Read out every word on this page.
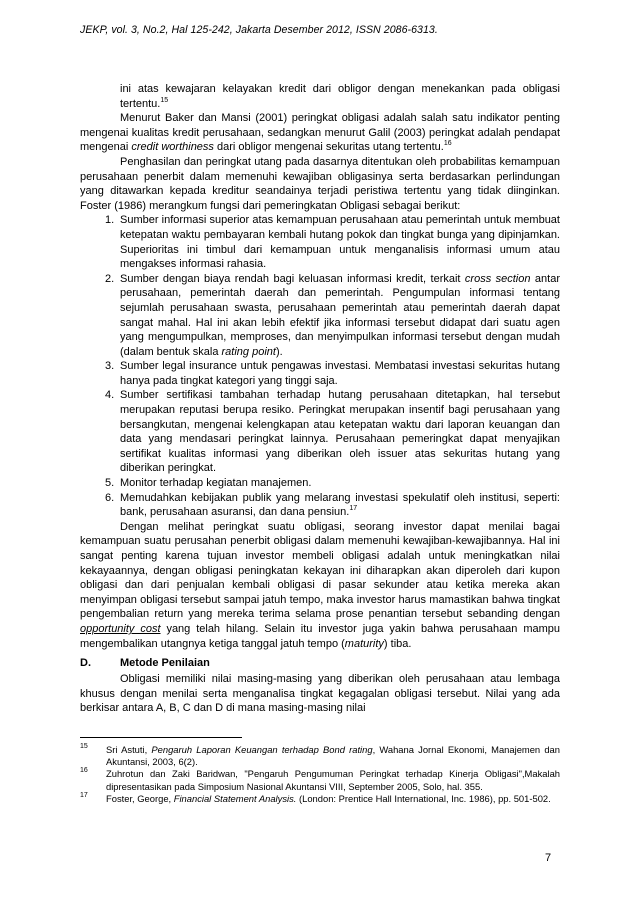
JEKP, vol. 3, No.2, Hal 125-242, Jakarta Desember 2012, ISSN 2086-6313.

ini atas kewajaran kelayakan kredit dari obligor dengan menekankan pada obligasi tertentu.$^{15}$

Menurut Baker dan Mansi (2001) peringkat obligasi adalah salah satu indikator penting mengenai kualitas kredit perusahaan, sedangkan menurut Galil (2003) peringkat adalah pendapat mengenai credit worthiness dari obligor mengenai sekuritas utang tertentu.$^{16}$

Penghasilan dan peringkat utang pada dasarnya ditentukan oleh probabilitas kemampuan perusahaan penerbit dalam memenuhi kewajiban obligasinya serta berdasarkan perlindungan yang ditawarkan kepada kreditur seandainya terjadi peristiwa tertentu yang tidak diinginkan. Foster (1986) merangkum fungsi dari pemeringkatan Obligasi sebagai berikut:

1. Sumber informasi superior atas kemampuan perusahaan atau pemerintah untuk membuat ketepatan waktu pembayaran kembali hutang pokok dan tingkat bunga yang dipinjamkan. Superioritas ini timbul dari kemampuan untuk menganalisis informasi umum atau mengakses informasi rahasia.
2. Sumber dengan biaya rendah bagi keluasan informasi kredit, terkait cross section antar perusahaan, pemerintah daerah dan pemerintah. Pengumpulan informasi tentang sejumlah perusahaan swasta, perusahaan pemerintah atau pemerintah daerah dapat sangat mahal. Hal ini akan lebih efektif jika informasi tersebut didapat dari suatu agen yang mengumpulkan, memproses, dan menyimpulkan informasi tersebut dengan mudah (dalam bentuk skala rating point).
3. Sumber legal insurance untuk pengawas investasi. Membatasi investasi sekuritas hutang hanya pada tingkat kategori yang tinggi saja.
4. Sumber sertifikasi tambahan terhadap hutang perusahaan ditetapkan, hal tersebut merupakan reputasi berupa resiko. Peringkat merupakan insentif bagi perusahaan yang bersangkutan, mengenai kelengkapan atau ketepatan waktu dari laporan keuangan dan data yang mendasari peringkat lainnya. Perusahaan pemeringkat dapat menyajikan sertifikat kualitas informasi yang diberikan oleh issuer atas sekuritas hutang yang diberikan peringkat.
5. Monitor terhadap kegiatan manajemen.
6. Memudahkan kebijakan publik yang melarang investasi spekulatif oleh institusi, seperti: bank, perusahaan asuransi, dan dana pensiun.$^{17}$

Dengan melihat peringkat suatu obligasi, seorang investor dapat menilai bagai kemampuan suatu perusahan penerbit obligasi dalam memenuhi kewajiban-kewajibannya. Hal ini sangat penting karena tujuan investor membeli obligasi adalah untuk meningkatkan nilai kekayaannya, dengan obligasi peningkatan kekayan ini diharapkan akan diperoleh dari kupon obligasi dan dari penjualan kembali obligasi di pasar sekunder atau ketika mereka akan menyimpan obligasi tersebut sampai jatuh tempo, maka investor harus mamastikan bahwa tingkat pengembalian return yang mereka terima selama prose penantian tersebut sebanding dengan opportunity cost yang telah hilang. Selain itu investor juga yakin bahwa perusahaan mampu mengembalikan utangnya ketiga tanggal jatuh tempo (maturity) tiba.

D.	Metode Penilaian

Obligasi memiliki nilai masing-masing yang diberikan oleh perusahaan atau lembaga khusus dengan menilai serta menganalisa tingkat kegagalan obligasi tersebut. Nilai yang ada berkisar antara A, B, C dan D di mana masing-masing nilai

15 Sri Astuti, Pengaruh Laporan Keuangan terhadap Bond rating, Wahana Jornal Ekonomi, Manajemen dan Akuntansi, 2003, 6(2).
16 Zuhrotun dan Zaki Baridwan, "Pengaruh Pengumuman Peringkat terhadap Kinerja Obligasi",Makalah dipresentasikan pada Simposium Nasional Akuntansi VIII, September 2005, Solo, hal. 355.
17 Foster, George, Financial Statement Analysis. (London: Prentice Hall International, Inc. 1986), pp. 501-502.
7
